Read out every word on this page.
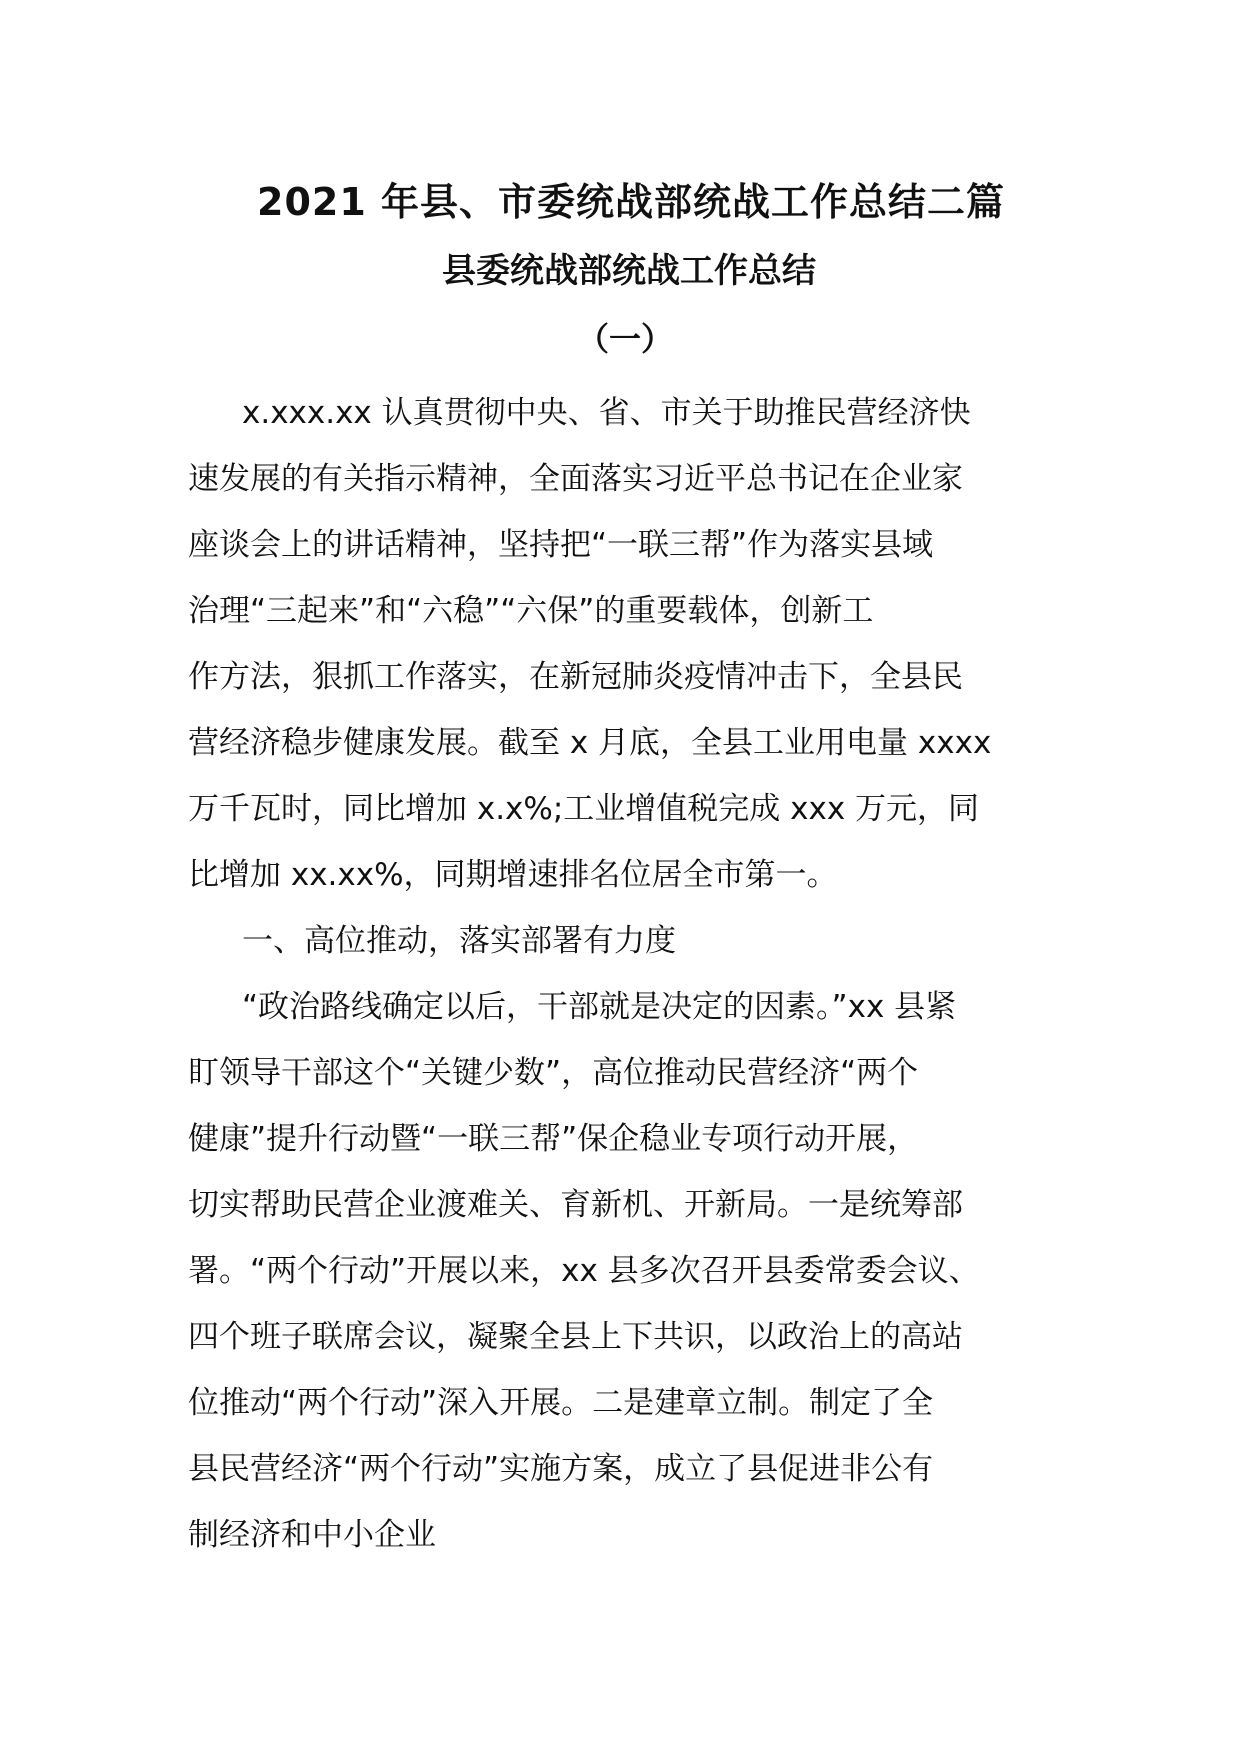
2021 年县、市委统战部统战工作总结二篇
县委统战部统战工作总结
（一）
x.xxx.xx 认真贯彻中央、省、市关于助推民营经济快
速发展的有关指示精神，全面落实习近平总书记在企业家
座谈会上的讲话精神，坚持把“一联三帮”作为落实县域
治理“三起来”和“六稳”“六保”的重要载体，创新工
作方法，狠抓工作落实，在新冠肺炎疫情冲击下，全县民
营经济稳步健康发展。截至 x 月底，全县工业用电量 xxxx
万千瓦时，同比增加 x.x%;工业增值税完成 xxx 万元，同
比增加 xx.xx%，同期增速排名位居全市第一。
一、高位推动，落实部署有力度
“政治路线确定以后，干部就是决定的因素。”xx 县紧
盯领导干部这个“关键少数”，高位推动民营经济“两个
健康”提升行动暨“一联三帮”保企稳业专项行动开展，
切实帮助民营企业渡难关、育新机、开新局。一是统筹部
署。“两个行动”开展以来，xx 县多次召开县委常委会议、
四个班子联席会议，凝聚全县上下共识，以政治上的高站
位推动“两个行动”深入开展。二是建章立制。制定了全
县民营经济“两个行动”实施方案，成立了县促进非公有
制经济和中小企业
